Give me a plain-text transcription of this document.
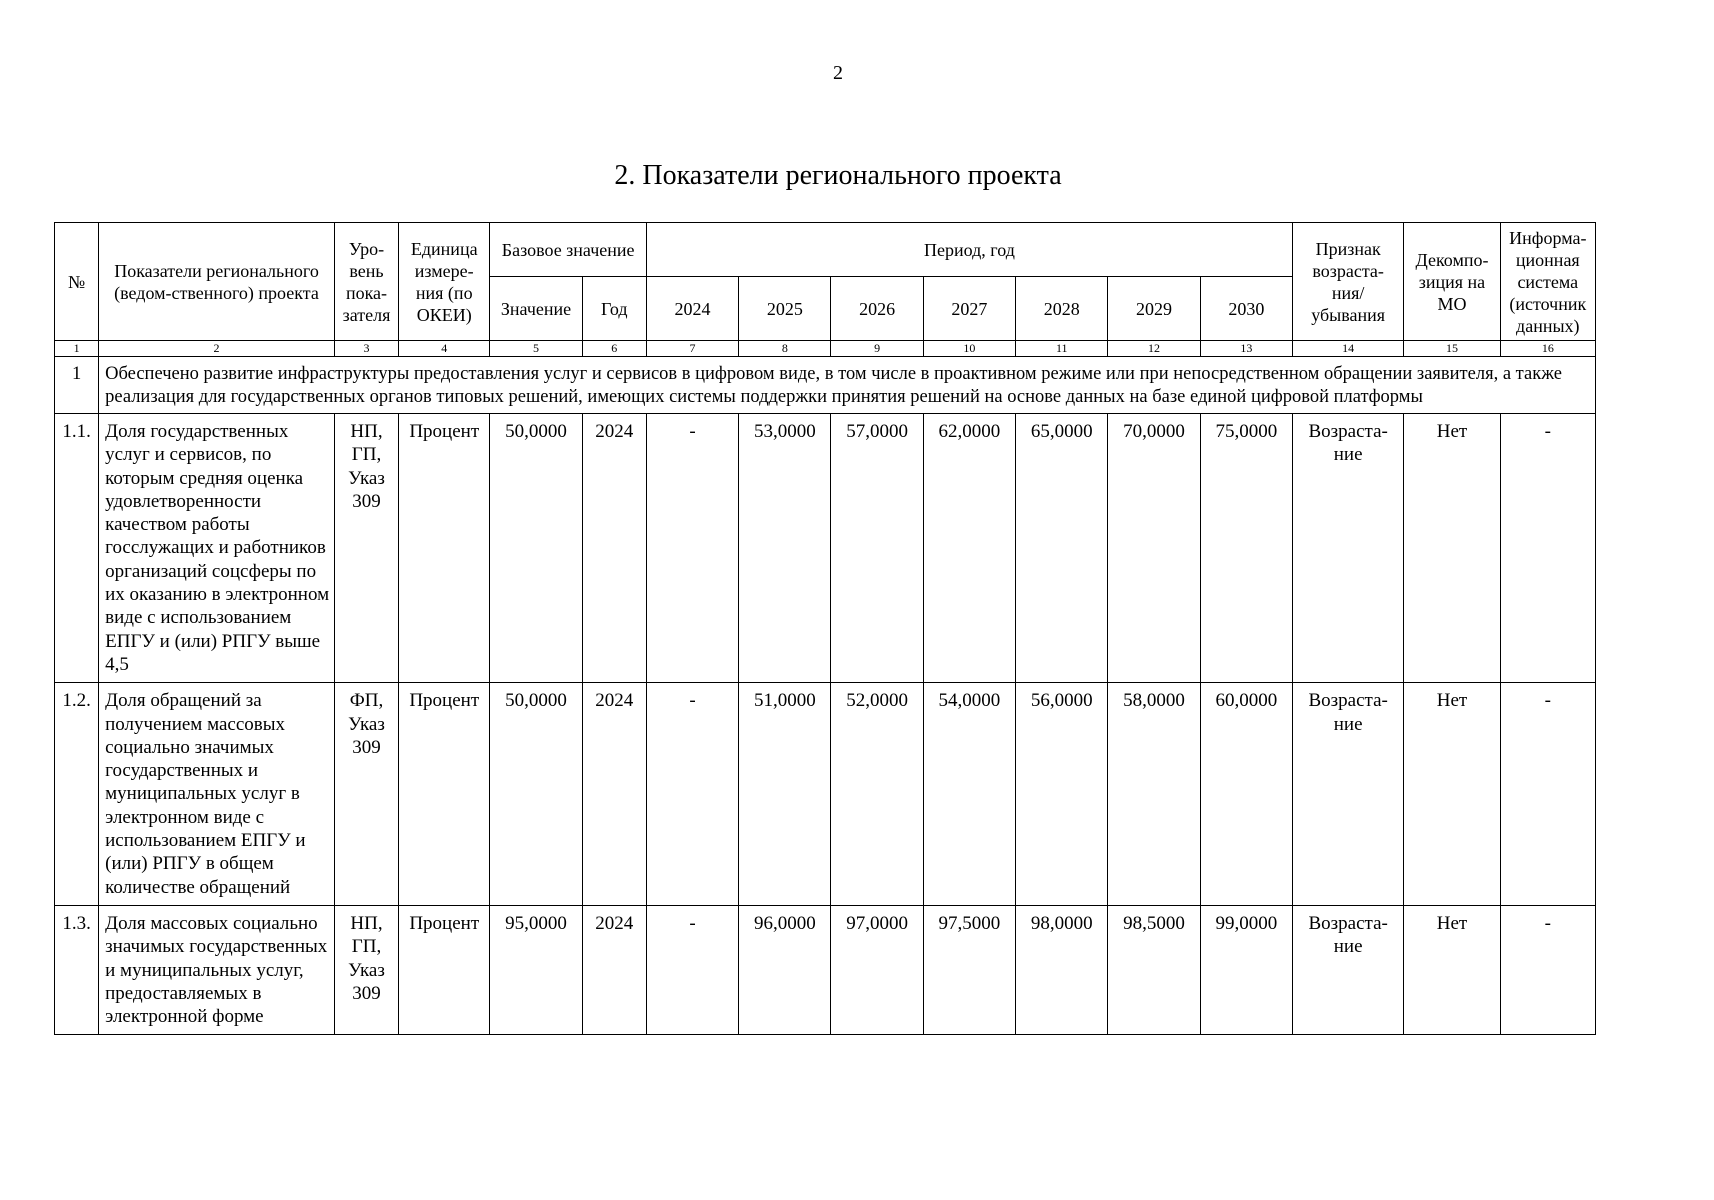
2
2. Показатели регионального проекта
№	Показатели регионального (ведом-ственного) проекта	Уро-вень пока-зателя	Единица измере-ния (по ОКЕИ)	Базовое значение		Период, год							Признак возраста-ния/ убывания	Декомпо-зиция на МО	Информа-ционная система (источник данных)
				Значение	Год	2024	2025	2026	2027	2028	2029	2030			
1	2	3	4	5	6	7	8	9	10	11	12	13	14	15	16
1	Обеспечено развитие инфраструктуры предоставления услуг и сервисов в цифровом виде, в том числе в проактивном режиме или при непосредственном обращении заявителя, а также реализация для государственных органов типовых решений, имеющих системы поддержки принятия решений на основе данных на базе единой цифровой платформы														
1.1.	Доля государственных услуг и сервисов, по которым средняя оценка удовлетворенности качеством работы госслужащих и работников организаций соцсферы по их оказанию в электронном виде с использованием ЕПГУ и (или) РПГУ выше 4,5	НП, ГП, Указ 309	Процент	50,0000	2024	-	53,0000	57,0000	62,0000	65,0000	70,0000	75,0000	Возраста-ние	Нет	-
1.2.	Доля обращений за получением массовых социально значимых государственных и муниципальных услуг в электронном виде с использованием ЕПГУ и (или) РПГУ в общем количестве обращений	ФП, Указ 309	Процент	50,0000	2024	-	51,0000	52,0000	54,0000	56,0000	58,0000	60,0000	Возраста-ние	Нет	-
1.3.	Доля массовых социально значимых государственных и муниципальных услуг, предоставляемых в электронной форме	НП, ГП, Указ 309	Процент	95,0000	2024	-	96,0000	97,0000	97,5000	98,0000	98,5000	99,0000	Возраста-ние	Нет	-
